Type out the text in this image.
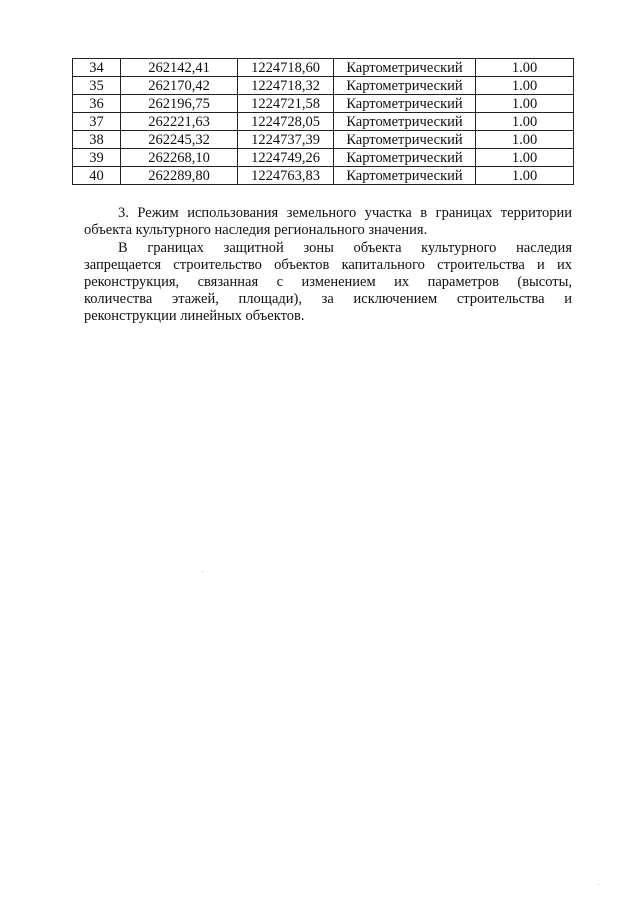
34	262142,41	1224718,60	Картометрический	1.00
35	262170,42	1224718,32	Картометрический	1.00
36	262196,75	1224721,58	Картометрический	1.00
37	262221,63	1224728,05	Картометрический	1.00
38	262245,32	1224737,39	Картометрический	1.00
39	262268,10	1224749,26	Картометрический	1.00
40	262289,80	1224763,83	Картометрический	1.00
3. Режим использования земельного участка в границах территории
объекта культурного наследия регионального значения.
В границах защитной зоны объекта культурного наследия
запрещается строительство объектов капитального строительства и их
реконструкция, связанная с изменением их параметров (высоты,
количества этажей, площади), за исключением строительства и
реконструкции линейных объектов.
